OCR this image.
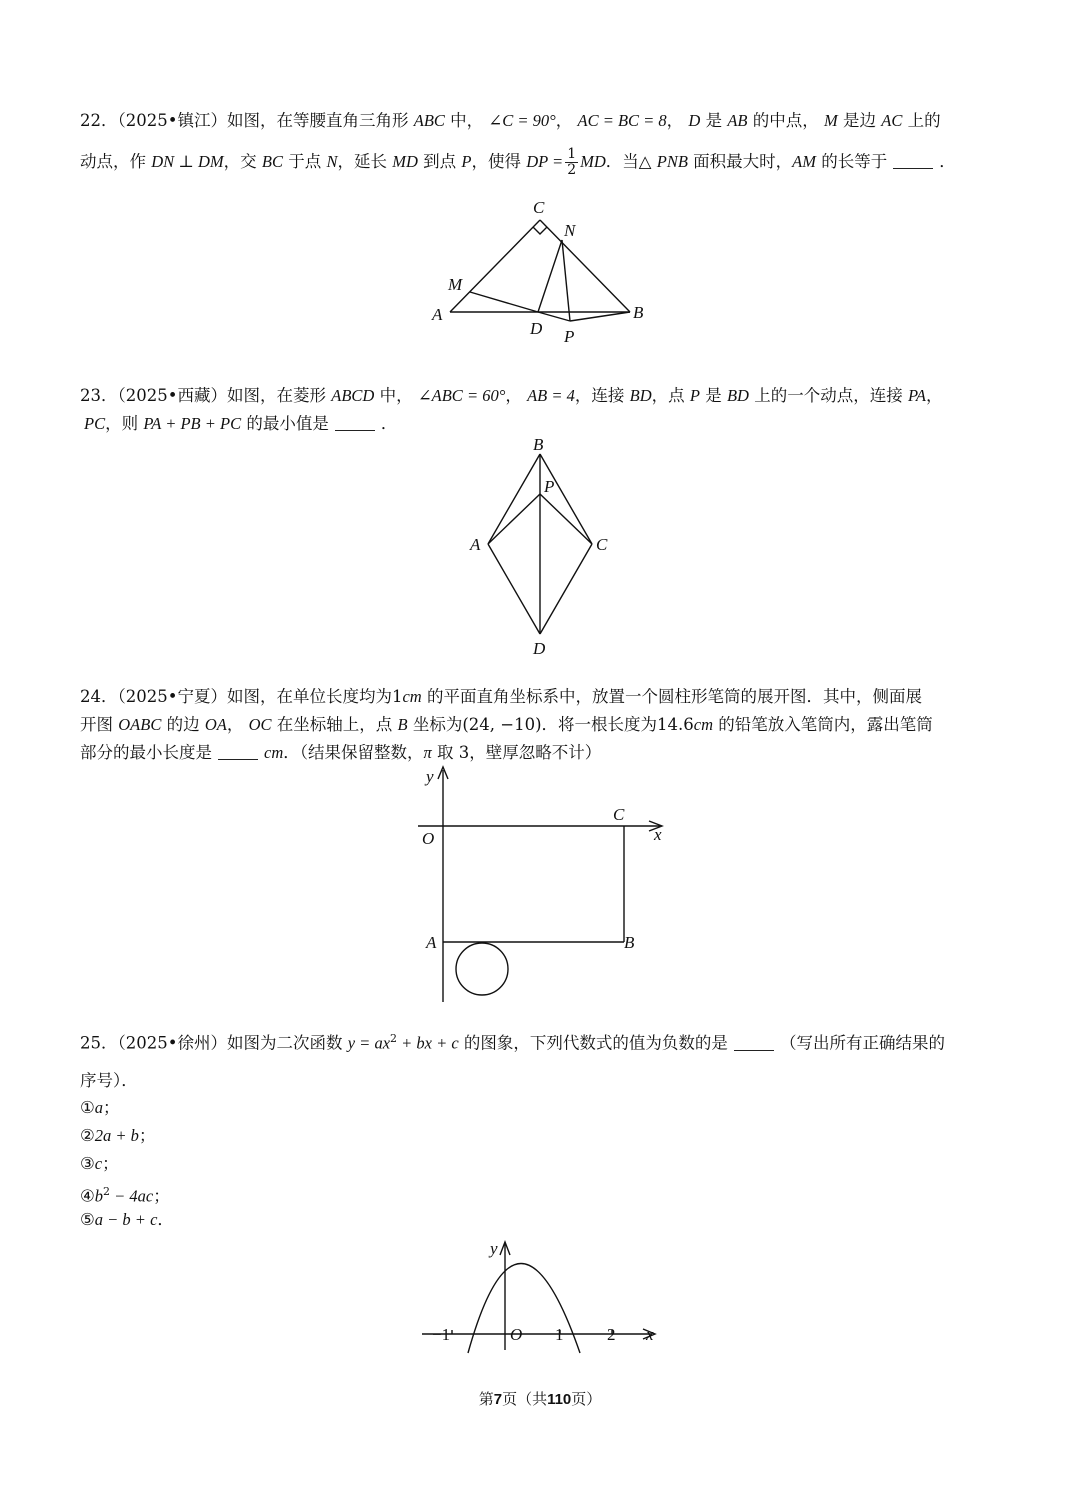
22．（2025•镇江）如图，在等腰直角三角形 ABC 中， ∠C = 90°， AC = BC = 8， D 是 AB 的中点， M 是边 AC 上的
动点，作 DN ⊥ DM，交 BC 于点 N，延长 MD 到点 P，使得 DP = $\frac{1}{2}$ MD．当△ PNB 面积最大时，AM 的长等于	．
C
N
M
A
D P
B
23．（2025•西藏）如图，在菱形 ABCD 中， ∠ABC = 60°， AB = 4，连接 BD，点 P 是 BD 上的一个动点，连接 PA，
PC，则 PA + PB + PC 的最小值是	．
B
P
A	C
D
24．（2025•宁夏）如图，在单位长度均为1cm 的平面直角坐标系中，放置一个圆柱形笔筒的展开图．其中，侧面展
开图 OABC 的边 OA， OC 在坐标轴上，点 B 坐标为(24, −10)．将一根长度为14.6cm 的铅笔放入笔筒内，露出笔筒
部分的最小长度是	cm．（结果保留整数，π 取 3，壁厚忽略不计）
y
x
O
C
A	B
25．（2025•徐州）如图为二次函数 $y = ax^2$ + bx + c 的图象，下列代数式的值为负数的是	（写出所有正确结果的
序号）．
①a；
②2a + b；
③c；
$④b^2 - 4ac$；
⑤a − b + c．
y
x
O
−1	1	2
第7页（共110页）
